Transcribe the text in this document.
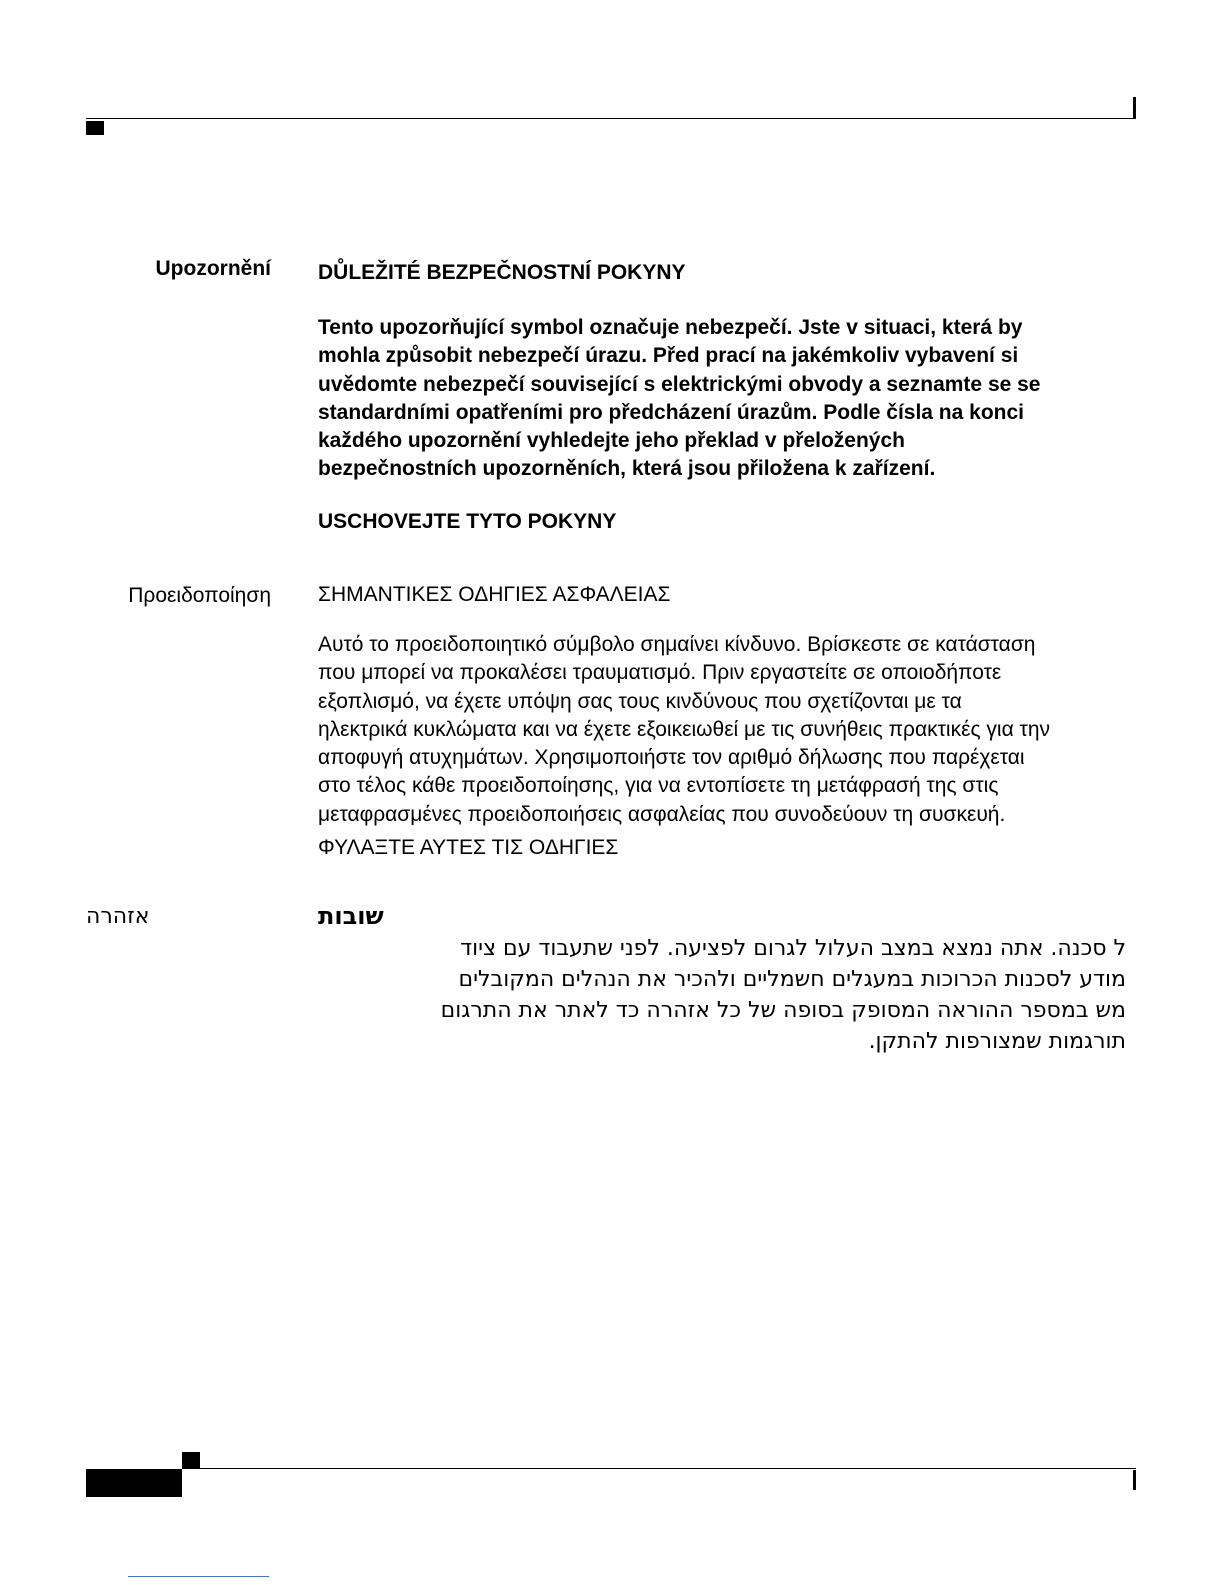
Upozornění DŮLEŽITÉ BEZPEČNOSTNÍ POKYNY

Tento upozorňující symbol označuje nebezpečí. Jste v situaci, která by

mohla způsobit nebezpečí úrazu. Před prací na jakémkoliv vybavení si

uvědomte nebezpečí související s elektrickými obvody a seznamte se se

standardními opatřeními pro předcházení úrazům. Podle čísla na konci

každého upozornění vyhledejte jeho překlad v přeložených

bezpečnostních upozorněních, která jsou přiložena k zařízení.

USCHOVEJTE TYTO POKYNY
Προειδοποίηση ΣΗΜΑΝΤΙΚΕΣ ΟΔΗΓΙΕΣ ΑΣΦΑΛΕΙΑΣ

Αυτό το προειδοποιητικό σύμβολο σημαίνει κίνδυνο. Βρίσκεστε σε κατάσταση

που μπορεί να προκαλέσει τραυματισμό. Πριν εργαστείτε σε οποιοδήποτε

εξοπλισμό, να έχετε υπόψη σας τους κινδύνους που σχετίζονται με τα

ηλεκτρικά κυκλώματα και να έχετε εξοικειωθεί με τις συνήθεις πρακτικές για την

αποφυγή ατυχημάτων. Χρησιμοποιήστε τον αριθμό δήλωσης που παρέχεται

στο τέλος κάθε προειδοποίησης, για να εντοπίσετε τη μετάφρασή της στις

μεταφρασμένες προειδοποιήσεις ασφαλείας που συνοδεύουν τη συσκευή.

ΦΥΛΑΞΤΕ ΑΥΤΕΣ ΤΙΣ ΟΔΗΓΙΕΣ
אזהרה	שובות
ל סכנה. אתה נמצא במצב העלול לגרום לפציעה. לפני שתעבוד עם ציוד
מודע לסכנות הכרוכות במעגלים חשמליים ולהכיר את הנהלים המקובלים
מש במספר ההוראה המסופק בסופה של כל אזהרה כד לאתר את התרגום
תורגמות שמצורפות להתקן.
